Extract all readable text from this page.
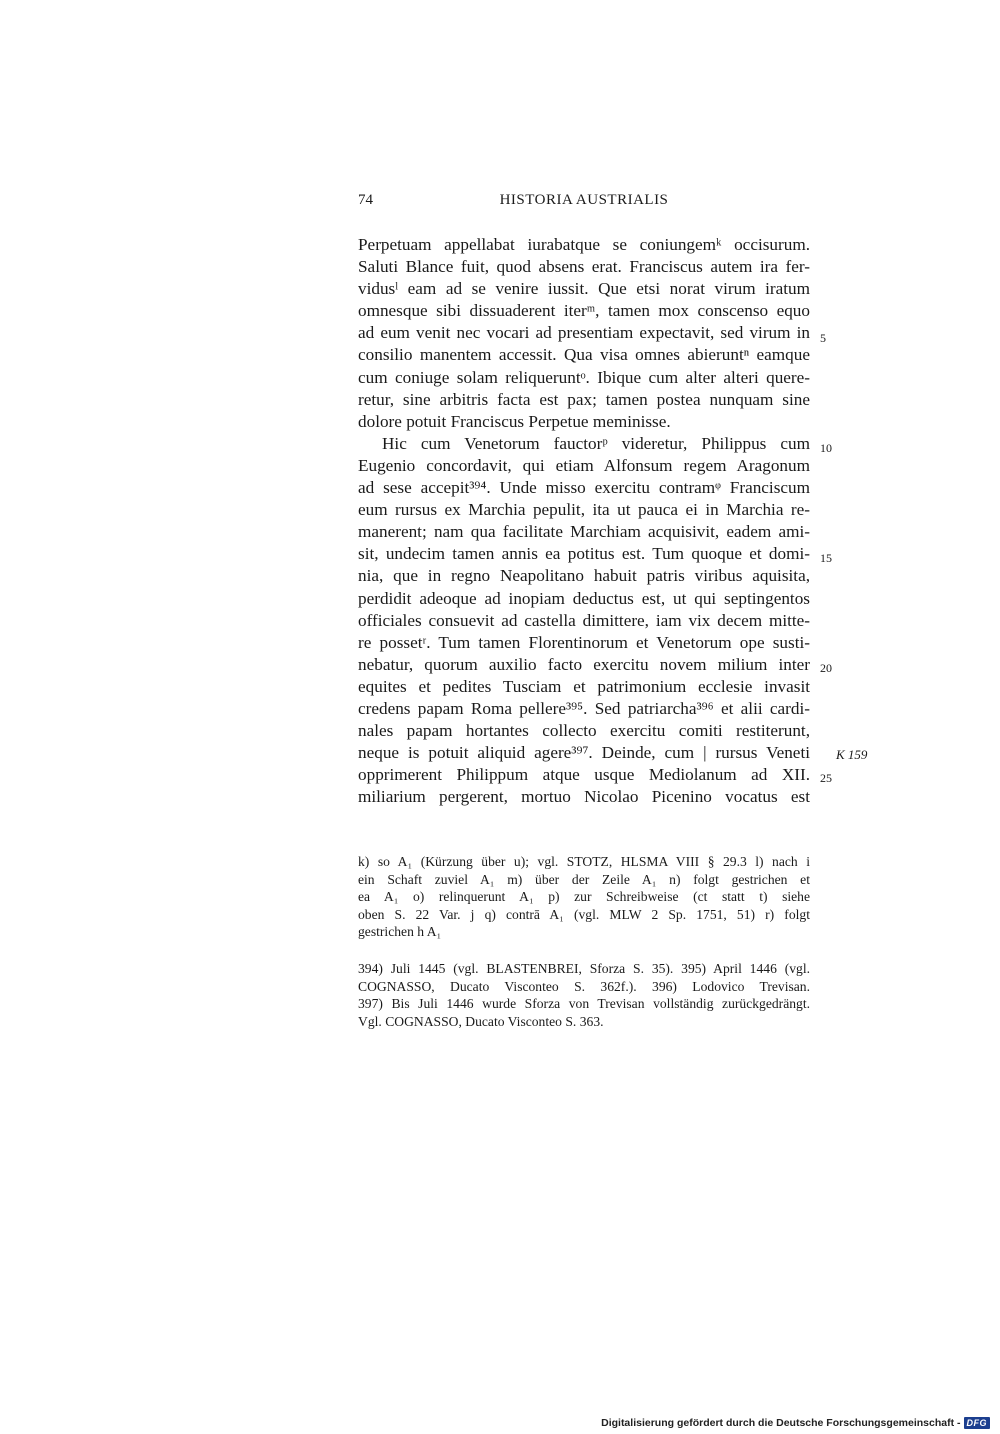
74	HISTORIA AUSTRIALIS
Perpetuam appellabat iurabatque se coniungemᵏ occisurum.
Saluti Blance fuit, quod absens erat. Franciscus autem ira fer-
vidusˡ eam ad se venire iussit. Que etsi norat virum iratum
omnesque sibi dissuaderent iterᵐ, tamen mox conscenso equo
ad eum venit nec vocari ad presentiam expectavit, sed virum in
consilio manentem accessit. Qua visa omnes abieruntⁿ eamque
cum coniuge solam reliqueruntᵒ. Ibique cum alter alteri quere-
retur, sine arbitris facta est pax; tamen postea nunquam sine
dolore potuit Franciscus Perpetue meminisse.
Hic cum Venetorum fauctorᵖ videretur, Philippus cum
Eugenio concordavit, qui etiam Alfonsum regem Aragonum
ad sese accepit³⁹⁴. Unde misso exercitu contramᵠ Franciscum
eum rursus ex Marchia pepulit, ita ut pauca ei in Marchia re-
manerent; nam qua facilitate Marchiam acquisivit, eadem ami-
sit, undecim tamen annis ea potitus est. Tum quoque et domi-
nia, que in regno Neapolitano habuit patris viribus aquisita,
perdidit adeoque ad inopiam deductus est, ut qui septingentos
officiales consuevit ad castella dimittere, iam vix decem mitte-
re possetʳ. Tum tamen Florentinorum et Venetorum ope susti-
nebatur, quorum auxilio facto exercitu novem milium inter
equites et pedites Tusciam et patrimonium ecclesie invasit
credens papam Roma pellere³⁹⁵. Sed patriarcha³⁹⁶ et alii cardi-
nales papam hortantes collecto exercitu comiti restiterunt,
neque is potuit aliquid agere³⁹⁷. Deinde, cum | rursus Veneti
opprimerent Philippum atque usque Mediolanum ad XII.
miliarium pergerent, mortuo Nicolao Picenino vocatus est
5
10
15
20
25
K 159
k) so A₁ (Kürzung über u); vgl. STOTZ, HLSMA VIII § 29.3 l) nach i
ein Schaft zuviel A₁ m) über der Zeile A₁ n) folgt gestrichen et
ea A₁ o) relinquerunt A₁ p) zur Schreibweise (ct statt t) siehe
oben S. 22 Var. j q) contrā A₁ (vgl. MLW 2 Sp. 1751, 51) r) folgt
gestrichen h A₁
394) Juli 1445 (vgl. BLASTENBREI, Sforza S. 35). 395) April 1446 (vgl.
COGNASSO, Ducato Visconteo S. 362f.). 396) Lodovico Trevisan.
397) Bis Juli 1446 wurde Sforza von Trevisan vollständig zurückgedrängt.
Vgl. COGNASSO, Ducato Visconteo S. 363.
Digitalisierung gefördert durch die Deutsche Forschungsgemeinschaft - DFG
